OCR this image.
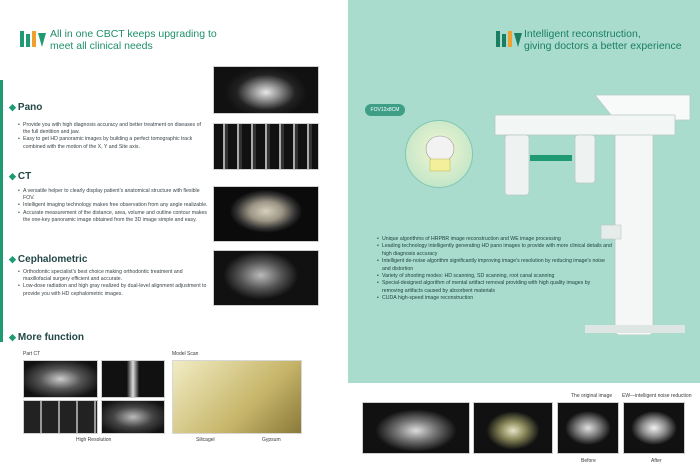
All in one CBCT keeps upgrading to
meet all clinical needs
◆ Pano
• Provide you with high diagnosis accuracy and better treatment on diseases of the full dentition and jaw.
• Easy to get HD panoramic images by building a perfect tomographic track combined with the motion of the X, Y and Site axis.
◆ CT
• A versatile helper to clearly display patient's anatomical structure with flexible FOV.
• Intelligent imaging technology makes free observation from any angle realizable.
• Accurate measurement of the distance, area, volume and outline contour makes the one-key panoramic image obtained from the 3D image simple and easy.
◆ Cephalometric
• Orthodontic specialist's best choice making orthodontic treatment and maxillofacial surgery efficient and accurate.
• Low-dose radiation and high gray realized by dual-level alignment adjustment to provide you with HD cephalometric images.
◆ More function
Part CT	Model Scan
High Resolution	Silicagel	Gypsum
Intelligent reconstruction,
giving doctors a better experience
FOV12x8CM
• Unique algorithms of HRPBR image reconstruction and WE image processing
• Leading technology intelligently generating HD pano images to provide with more clinical details and high diagnosis accuracy
• Intelligent de-noise algorithm significantly improving image's resolution by reducing image's noise and distortion
• Variety of shooting modes: HD scanning, SD scanning, root canal scanning
• Special-designed algorithm of mental artifact removal providing with high quality images by removing artifacts caused by absorbent materials
• CUDA high-speed image reconstruction
The original image EW—intelligent noise reduction
Before	After
